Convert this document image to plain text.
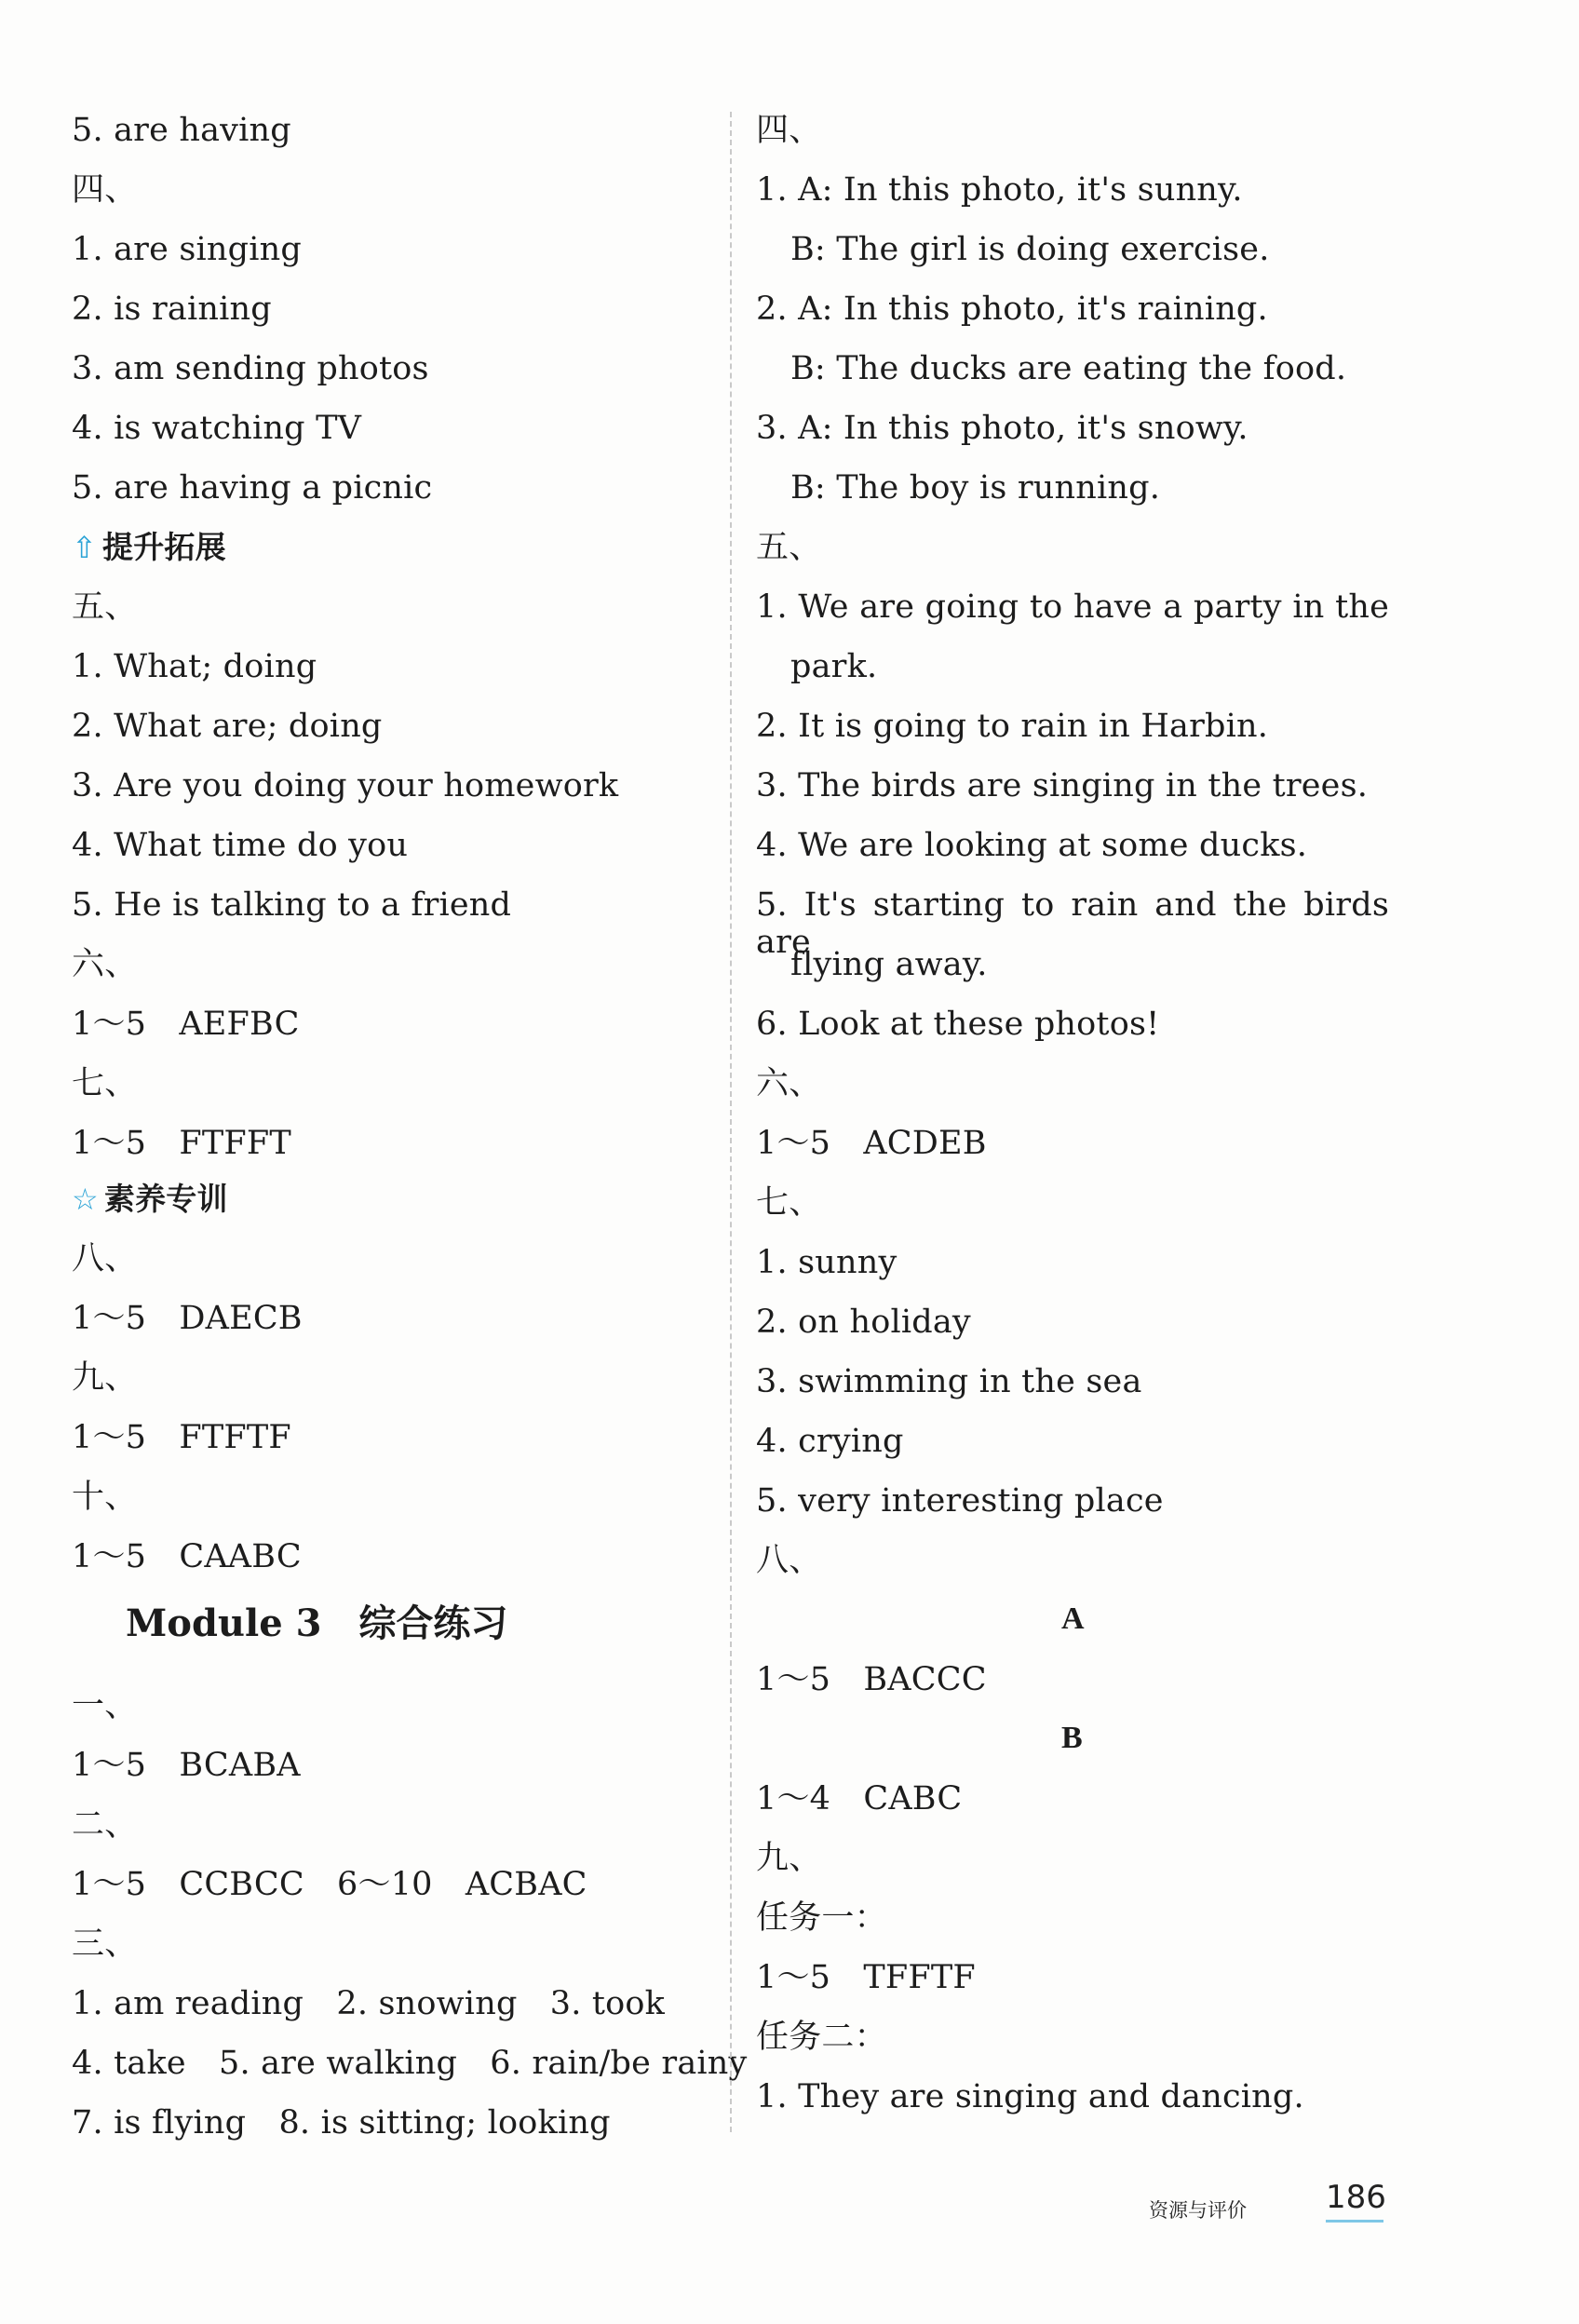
5. are having
四、
1. are singing
2. is raining
3. am sending photos
4. is watching TV
5. are having a picnic
⇧ 提升拓展
五、
1. What; doing
2. What are; doing
3. Are you doing your homework
4. What time do you
5. He is talking to a friend
六、
1～5　AEFBC
七、
1～5　FTFFT
☆ 素养专训
八、
1～5　DAECB
九、
1～5　FTFTF
十、
1～5　CAABC
一、
1～5　BCABA
二、
1～5　CCBCC　6～10　ACBAC
三、
1. am reading　2. snowing　3. took
4. take　5. are walking　6. rain/be rainy
7. is flying　8. is sitting; looking
Module 3　综合练习
四、
1. A: In this photo, it's sunny.
B: The girl is doing exercise.
2. A: In this photo, it's raining.
B: The ducks are eating the food.
3. A: In this photo, it's snowy.
B: The boy is running.
五、
1. We are going to have a party in the
park.
2. It is going to rain in Harbin.
3. The birds are singing in the trees.
4. We are looking at some ducks.
5. It's starting to rain and the birds are
flying away.
6. Look at these photos!
六、
1～5　ACDEB
七、
1. sunny
2. on holiday
3. swimming in the sea
4. crying
5. very interesting place
八、
A
1～5　BACCC
B
1～4　CABC
九、
任务一：
1～5　TFFTF
任务二：
1. They are singing and dancing.
资源与评价	186
